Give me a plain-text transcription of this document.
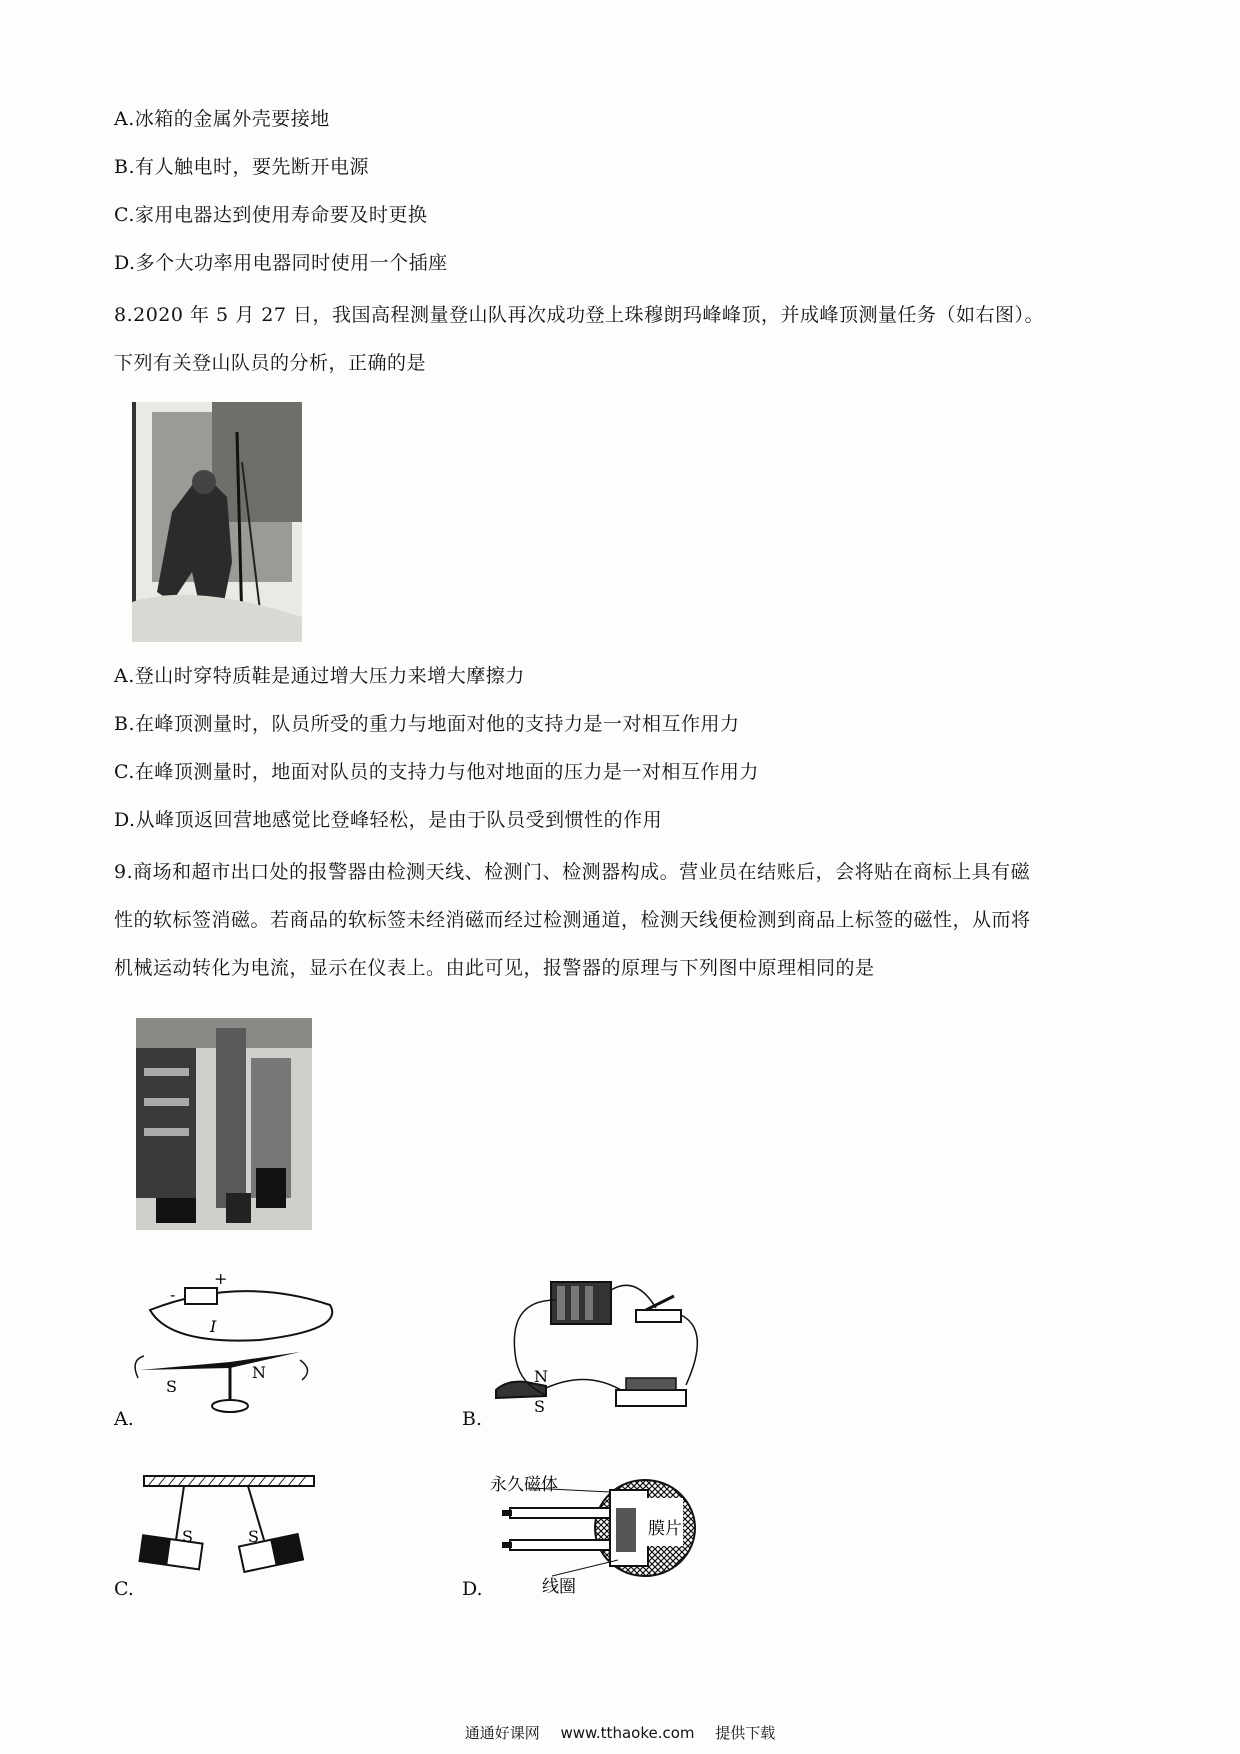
A.冰箱的金属外壳要接地
B.有人触电时，要先断开电源
C.家用电器达到使用寿命要及时更换
D.多个大功率用电器同时使用一个插座
8.2020 年 5 月 27 日，我国高程测量登山队再次成功登上珠穆朗玛峰峰顶，并成峰顶测量任务（如右图）。
下列有关登山队员的分析，正确的是
A.登山时穿特质鞋是通过增大压力来增大摩擦力
B.在峰顶测量时，队员所受的重力与地面对他的支持力是一对相互作用力
C.在峰顶测量时，地面对队员的支持力与他对地面的压力是一对相互作用力
D.从峰顶返回营地感觉比登峰轻松，是由于队员受到惯性的作用
9.商场和超市出口处的报警器由检测天线、检测门、检测器构成。营业员在结账后，会将贴在商标上具有磁
性的软标签消磁。若商品的软标签未经消磁而经过检测通道，检测天线便检测到商品上标签的磁性，从而将
机械运动转化为电流，显示在仪表上。由此可见，报警器的原理与下列图中原理相同的是
+
-
I
S
N
A.
N
S
B.
S	S
C.
永久磁体
线圈
膜片
D.
通通好课网 www.tthaoke.com 提供下载
